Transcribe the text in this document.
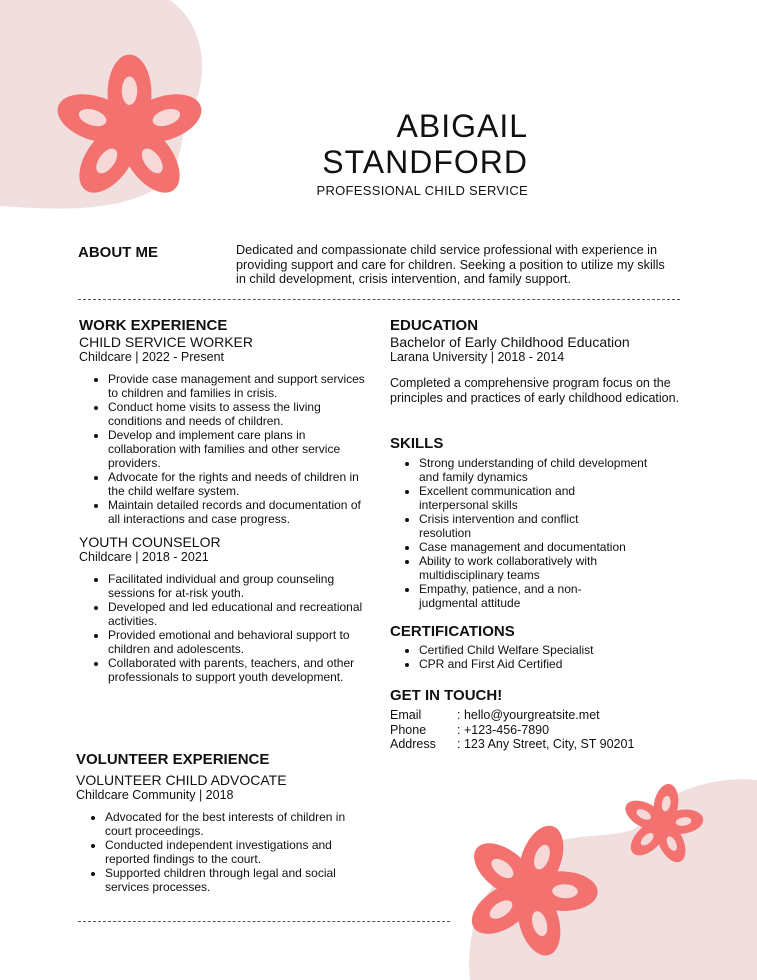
ABIGAIL
STANDFORD
PROFESSIONAL CHILD SERVICE
ABOUT ME	Dedicated and compassionate child service professional with experience in providing support and care for children. Seeking a position to utilize my skills in child development, crisis intervention, and family support.

WORK EXPERIENCE
CHILD SERVICE WORKER
Childcare | 2022 - Present
• Provide case management and support services to children and families in crisis.
• Conduct home visits to assess the living conditions and needs of children.
• Develop and implement care plans in collaboration with families and other service providers.
• Advocate for the rights and needs of children in the child welfare system.
• Maintain detailed records and documentation of all interactions and case progress.
YOUTH COUNSELOR
Childcare | 2018 - 2021
• Facilitated individual and group counseling sessions for at-risk youth.
• Developed and led educational and recreational activities.
• Provided emotional and behavioral support to children and adolescents.
• Collaborated with parents, teachers, and other professionals to support youth development.
VOLUNTEER EXPERIENCE
VOLUNTEER CHILD ADVOCATE
Childcare Community | 2018
• Advocated for the best interests of children in court proceedings.
• Conducted independent investigations and reported findings to the court.
• Supported children through legal and social services processes.
EDUCATION
Bachelor of Early Childhood Education
Larana University | 2018 - 2014

Completed a comprehensive program focus on the principles and practices of early childhood edication.

SKILLS
• Strong understanding of child development and family dynamics
• Excellent communication and interpersonal skills
• Crisis intervention and conflict resolution
• Case management and documentation
• Ability to work collaboratively with multidisciplinary teams
• Empathy, patience, and a non-judgmental attitude
CERTIFICATIONS
• Certified Child Welfare Specialist
• CPR and First Aid Certified
GET IN TOUCH!
Email	: hello@yourgreatsite.met
Phone	: +123-456-7890
Address	: 123 Any Street, City, ST 90201
